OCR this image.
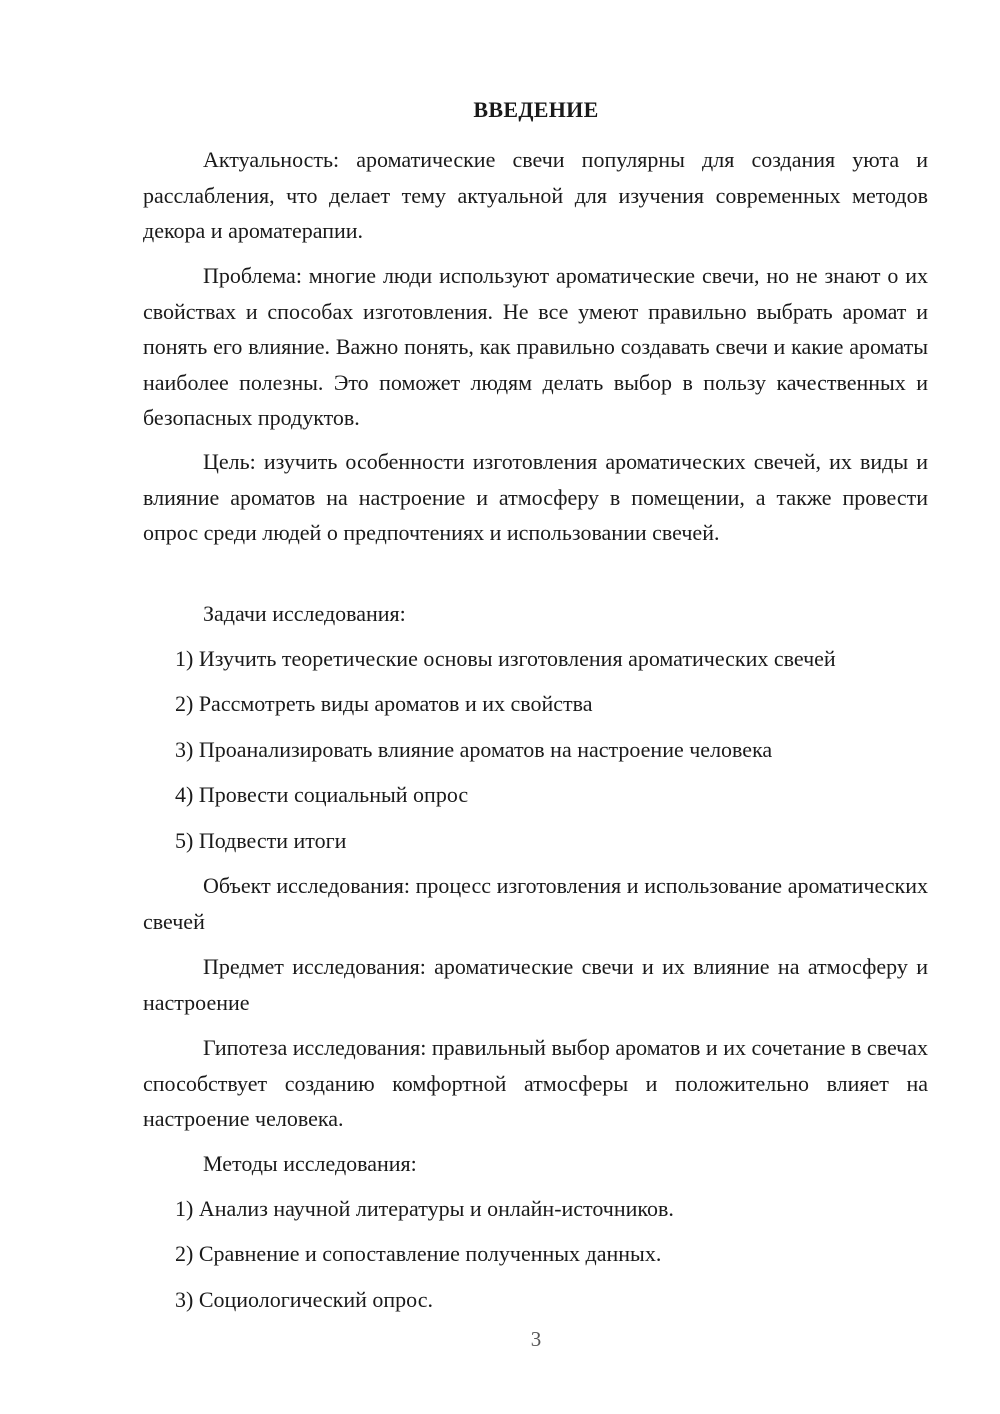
ВВЕДЕНИЕ

Актуальность: ароматические свечи популярны для создания уюта и расслабления, что делает тему актуальной для изучения современных методов декора и ароматерапии.

Проблема: многие люди используют ароматические свечи, но не знают о их свойствах и способах изготовления. Не все умеют правильно выбрать аромат и понять его влияние. Важно понять, как правильно создавать свечи и какие ароматы наиболее полезны. Это поможет людям делать выбор в пользу качественных и безопасных продуктов.

Цель: изучить особенности изготовления ароматических свечей, их виды и влияние ароматов на настроение и атмосферу в помещении, а также провести опрос среди людей о предпочтениях и использовании свечей.

Задачи исследования:

1) Изучить теоретические основы изготовления ароматических свечей

2) Рассмотреть виды ароматов и их свойства

3) Проанализировать влияние ароматов на настроение человека

4) Провести социальный опрос

5) Подвести итоги

Объект исследования: процесс изготовления и использование ароматических свечей

Предмет исследования: ароматические свечи и их влияние на атмосферу и настроение

Гипотеза исследования: правильный выбор ароматов и их сочетание в свечах способствует созданию комфортной атмосферы и положительно влияет на настроение человека.

Методы исследования:

1) Анализ научной литературы и онлайн-источников.

2) Сравнение и сопоставление полученных данных.

3) Социологический опрос.

3
